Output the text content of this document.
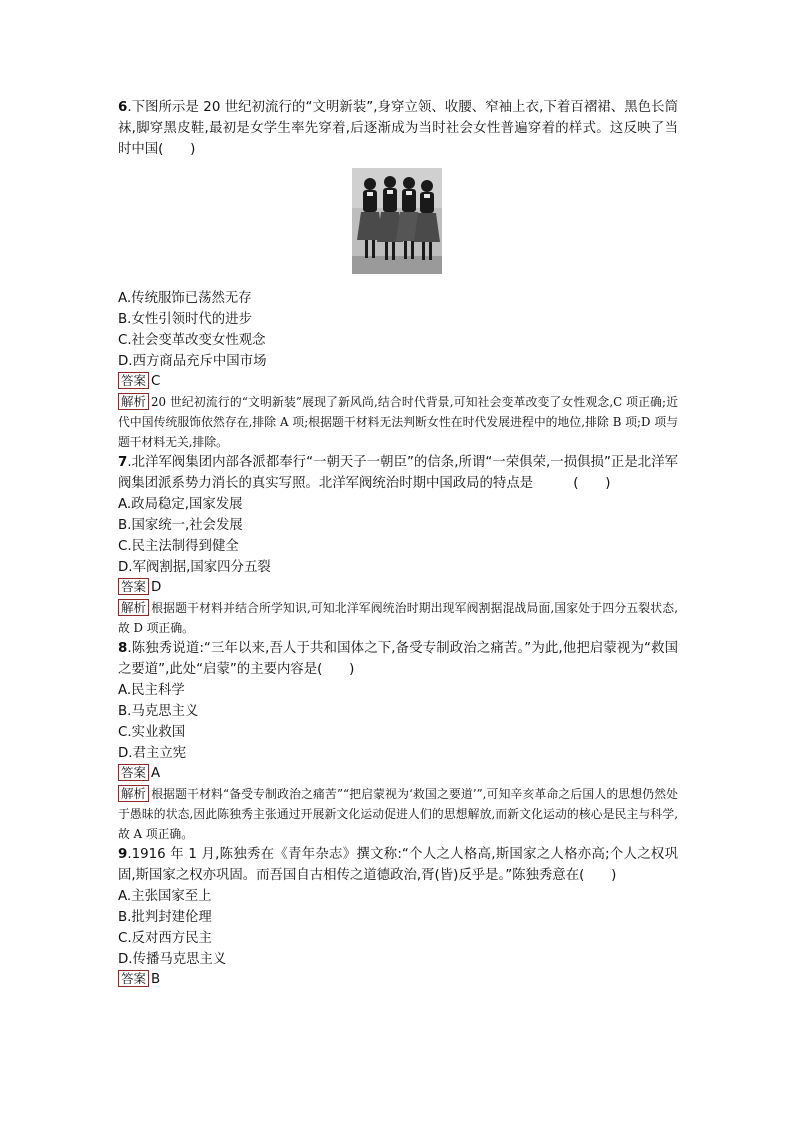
6.下图所示是 20 世纪初流行的“文明新装”,身穿立领、收腰、窄袖上衣,下着百褶裙、黑色长筒袜,脚穿黑皮鞋,最初是女学生率先穿着,后逐渐成为当时社会女性普遍穿着的样式。这反映了当时中国(　　)
A.传统服饰已荡然无存
B.女性引领时代的进步
C.社会变革改变女性观念
D.西方商品充斥中国市场
答案 C
解析 20 世纪初流行的“文明新装”展现了新风尚,结合时代背景,可知社会变革改变了女性观念,C 项正确;近代中国传统服饰依然存在,排除 A 项;根据题干材料无法判断女性在时代发展进程中的地位,排除 B 项;D 项与题干材料无关,排除。
7.北洋军阀集团内部各派都奉行“一朝天子一朝臣”的信条,所谓“一荣俱荣,一损俱损”正是北洋军阀集团派系势力消长的真实写照。北洋军阀统治时期中国政局的特点是　　　(　　)
A.政局稳定,国家发展
B.国家统一,社会发展
C.民主法制得到健全
D.军阀割据,国家四分五裂
答案 D
解析 根据题干材料并结合所学知识,可知北洋军阀统治时期出现军阀割据混战局面,国家处于四分五裂状态,故 D 项正确。
8.陈独秀说道:“三年以来,吾人于共和国体之下,备受专制政治之痛苦。”为此,他把启蒙视为“救国之要道”,此处“启蒙”的主要内容是(　　)
A.民主科学
B.马克思主义
C.实业救国
D.君主立宪
答案 A
解析 根据题干材料“备受专制政治之痛苦”“把启蒙视为‘救国之要道’”,可知辛亥革命之后国人的思想仍然处于愚昧的状态,因此陈独秀主张通过开展新文化运动促进人们的思想解放,而新文化运动的核心是民主与科学,故 A 项正确。
9.1916 年 1 月,陈独秀在《青年杂志》撰文称:“个人之人格高,斯国家之人格亦高;个人之权巩固,斯国家之权亦巩固。而吾国自古相传之道德政治,胥(皆)反乎是。”陈独秀意在(　　)
A.主张国家至上
B.批判封建伦理
C.反对西方民主
D.传播马克思主义
答案 B
